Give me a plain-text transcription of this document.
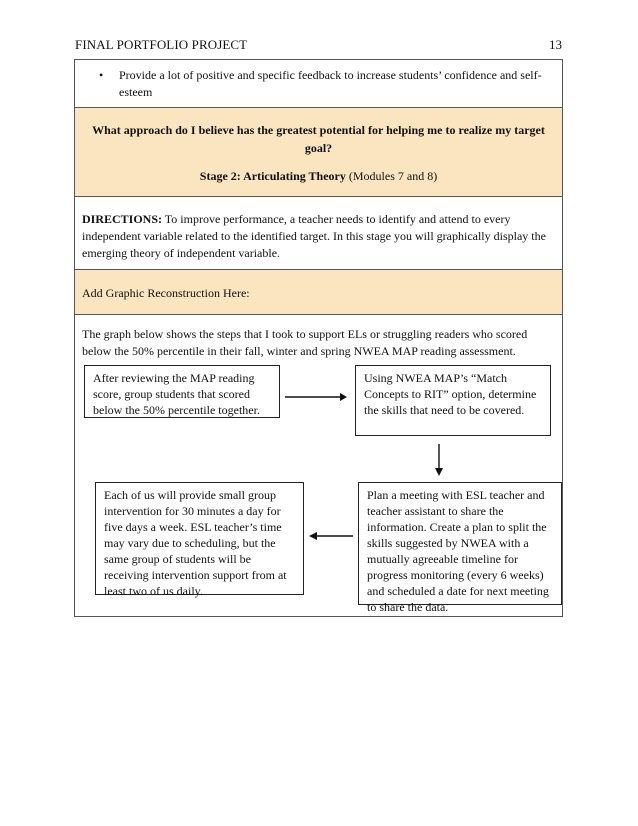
FINAL PORTFOLIO PROJECT	13
• Provide a lot of positive and specific feedback to increase students’ confidence and self-esteem
What approach do I believe has the greatest potential for helping me to realize my target goal?
Stage 2: Articulating Theory (Modules 7 and 8)
DIRECTIONS: To improve performance, a teacher needs to identify and attend to every independent variable related to the identified target. In this stage you will graphically display the emerging theory of independent variable.
Add Graphic Reconstruction Here:
The graph below shows the steps that I took to support ELs or struggling readers who scored below the 50% percentile in their fall, winter and spring NWEA MAP reading assessment.
After reviewing the MAP reading score, group students that scored below the 50% percentile together.
Using NWEA MAP’s “Match Concepts to RIT” option, determine the skills that need to be covered.
Plan a meeting with ESL teacher and teacher assistant to share the information. Create a plan to split the skills suggested by NWEA with a mutually agreeable timeline for progress monitoring (every 6 weeks) and scheduled a date for next meeting to share the data.
Each of us will provide small group intervention for 30 minutes a day for five days a week. ESL teacher’s time may vary due to scheduling, but the same group of students will be receiving intervention support from at least two of us daily.
